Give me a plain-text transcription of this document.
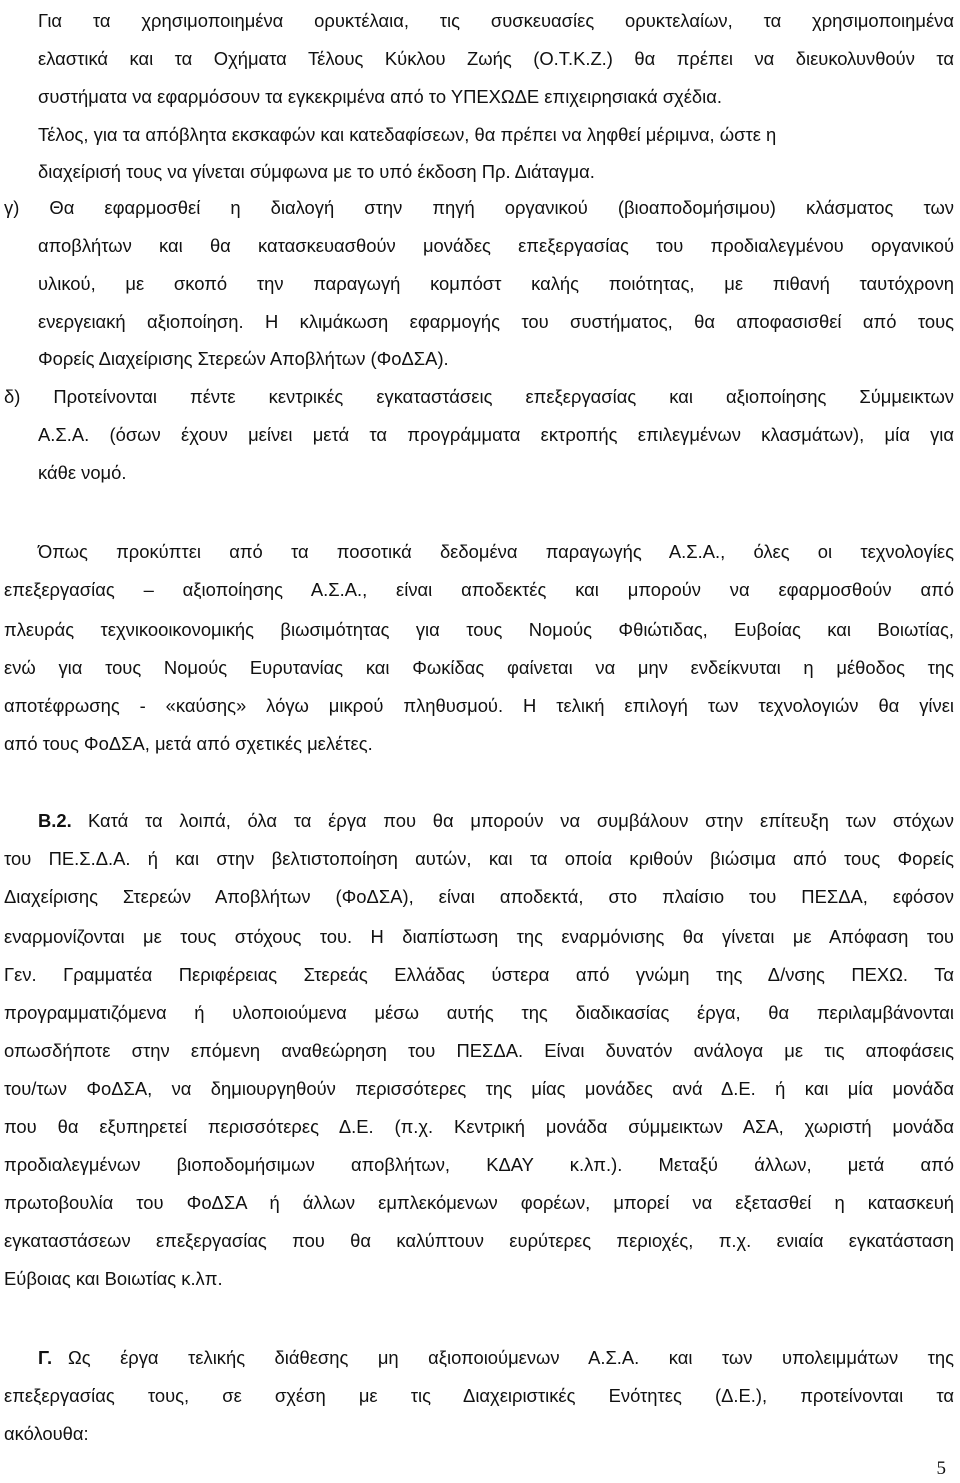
Για τα χρησιμοποιημένα ορυκτέλαια, τις συσκευασίες ορυκτελαίων, τα χρησιμοποιημένα
ελαστικά και τα Οχήματα Τέλους Κύκλου Ζωής (Ο.Τ.Κ.Ζ.) θα πρέπει να διευκολυνθούν τα
συστήματα να εφαρμόσουν τα εγκεκριμένα από το ΥΠΕΧΩΔΕ επιχειρησιακά σχέδια.
Τέλος, για τα απόβλητα εκσκαφών και κατεδαφίσεων, θα πρέπει να ληφθεί μέριμνα, ώστε η
διαχείρισή τους να γίνεται σύμφωνα με το υπό έκδοση Πρ. Διάταγμα.
γ) Θα εφαρμοσθεί η διαλογή στην πηγή οργανικού (βιοαποδομήσιμου) κλάσματος των
αποβλήτων και θα κατασκευασθούν μονάδες επεξεργασίας του προδιαλεγμένου οργανικού
υλικού, με σκοπό την παραγωγή κομπόστ καλής ποιότητας, με πιθανή ταυτόχρονη
ενεργειακή αξιοποίηση. Η κλιμάκωση εφαρμογής του συστήματος, θα αποφασισθεί από τους
Φορείς Διαχείρισης Στερεών Αποβλήτων (ΦοΔΣΑ).
δ) Προτείνονται πέντε κεντρικές εγκαταστάσεις επεξεργασίας και αξιοποίησης Σύμμεικτων
Α.Σ.Α. (όσων έχουν μείνει μετά τα προγράμματα εκτροπής επιλεγμένων κλασμάτων), μία για
κάθε νομό.
Όπως προκύπτει από τα ποσοτικά δεδομένα παραγωγής Α.Σ.Α., όλες οι τεχνολογίες
επεξεργασίας – αξιοποίησης Α.Σ.Α., είναι αποδεκτές και μπορούν να εφαρμοσθούν από
πλευράς τεχνικοοικονομικής βιωσιμότητας για τους Νομούς Φθιώτιδας, Ευβοίας και Βοιωτίας,
ενώ για τους Νομούς Ευρυτανίας και Φωκίδας φαίνεται να μην ενδείκνυται η μέθοδος της
αποτέφρωσης - «καύσης» λόγω μικρού πληθυσμού. Η τελική επιλογή των τεχνολογιών θα γίνει
από τους ΦοΔΣΑ, μετά από σχετικές μελέτες.
Β.2. Κατά τα λοιπά, όλα τα έργα που θα μπορούν να συμβάλουν στην επίτευξη των στόχων
του ΠΕ.Σ.Δ.Α. ή και στην βελτιστοποίηση αυτών, και τα οποία κριθούν βιώσιμα από τους Φορείς
Διαχείρισης Στερεών Αποβλήτων (ΦοΔΣΑ), είναι αποδεκτά, στο πλαίσιο του ΠΕΣΔΑ, εφόσον
εναρμονίζονται με τους στόχους του. Η διαπίστωση της εναρμόνισης θα γίνεται με Απόφαση του
Γεν. Γραμματέα Περιφέρειας Στερεάς Ελλάδας ύστερα από γνώμη της Δ/νσης ΠΕΧΩ. Τα
προγραμματιζόμενα ή υλοποιούμενα μέσω αυτής της διαδικασίας έργα, θα περιλαμβάνονται
οπωσδήποτε στην επόμενη αναθεώρηση του ΠΕΣΔΑ. Είναι δυνατόν ανάλογα με τις αποφάσεις
του/των ΦοΔΣΑ, να δημιουργηθούν περισσότερες της μίας μονάδες ανά Δ.Ε. ή και μία μονάδα
που θα εξυπηρετεί περισσότερες Δ.Ε. (π.χ. Κεντρική μονάδα σύμμεικτων ΑΣΑ, χωριστή μονάδα
προδιαλεγμένων βιοποδομήσιμων αποβλήτων, ΚΔΑΥ κ.λπ.). Μεταξύ άλλων, μετά από
πρωτοβουλία του ΦοΔΣΑ ή άλλων εμπλεκόμενων φορέων, μπορεί να εξετασθεί η κατασκευή
εγκαταστάσεων επεξεργασίας που θα καλύπτουν ευρύτερες περιοχές, π.χ. ενιαία εγκατάσταση
Εύβοιας και Βοιωτίας κ.λπ.
Γ. Ως έργα τελικής διάθεσης μη αξιοποιούμενων Α.Σ.Α. και των υπολειμμάτων της
επεξεργασίας τους, σε σχέση με τις Διαχειριστικές Ενότητες (Δ.Ε.), προτείνονται τα
ακόλουθα:
5
